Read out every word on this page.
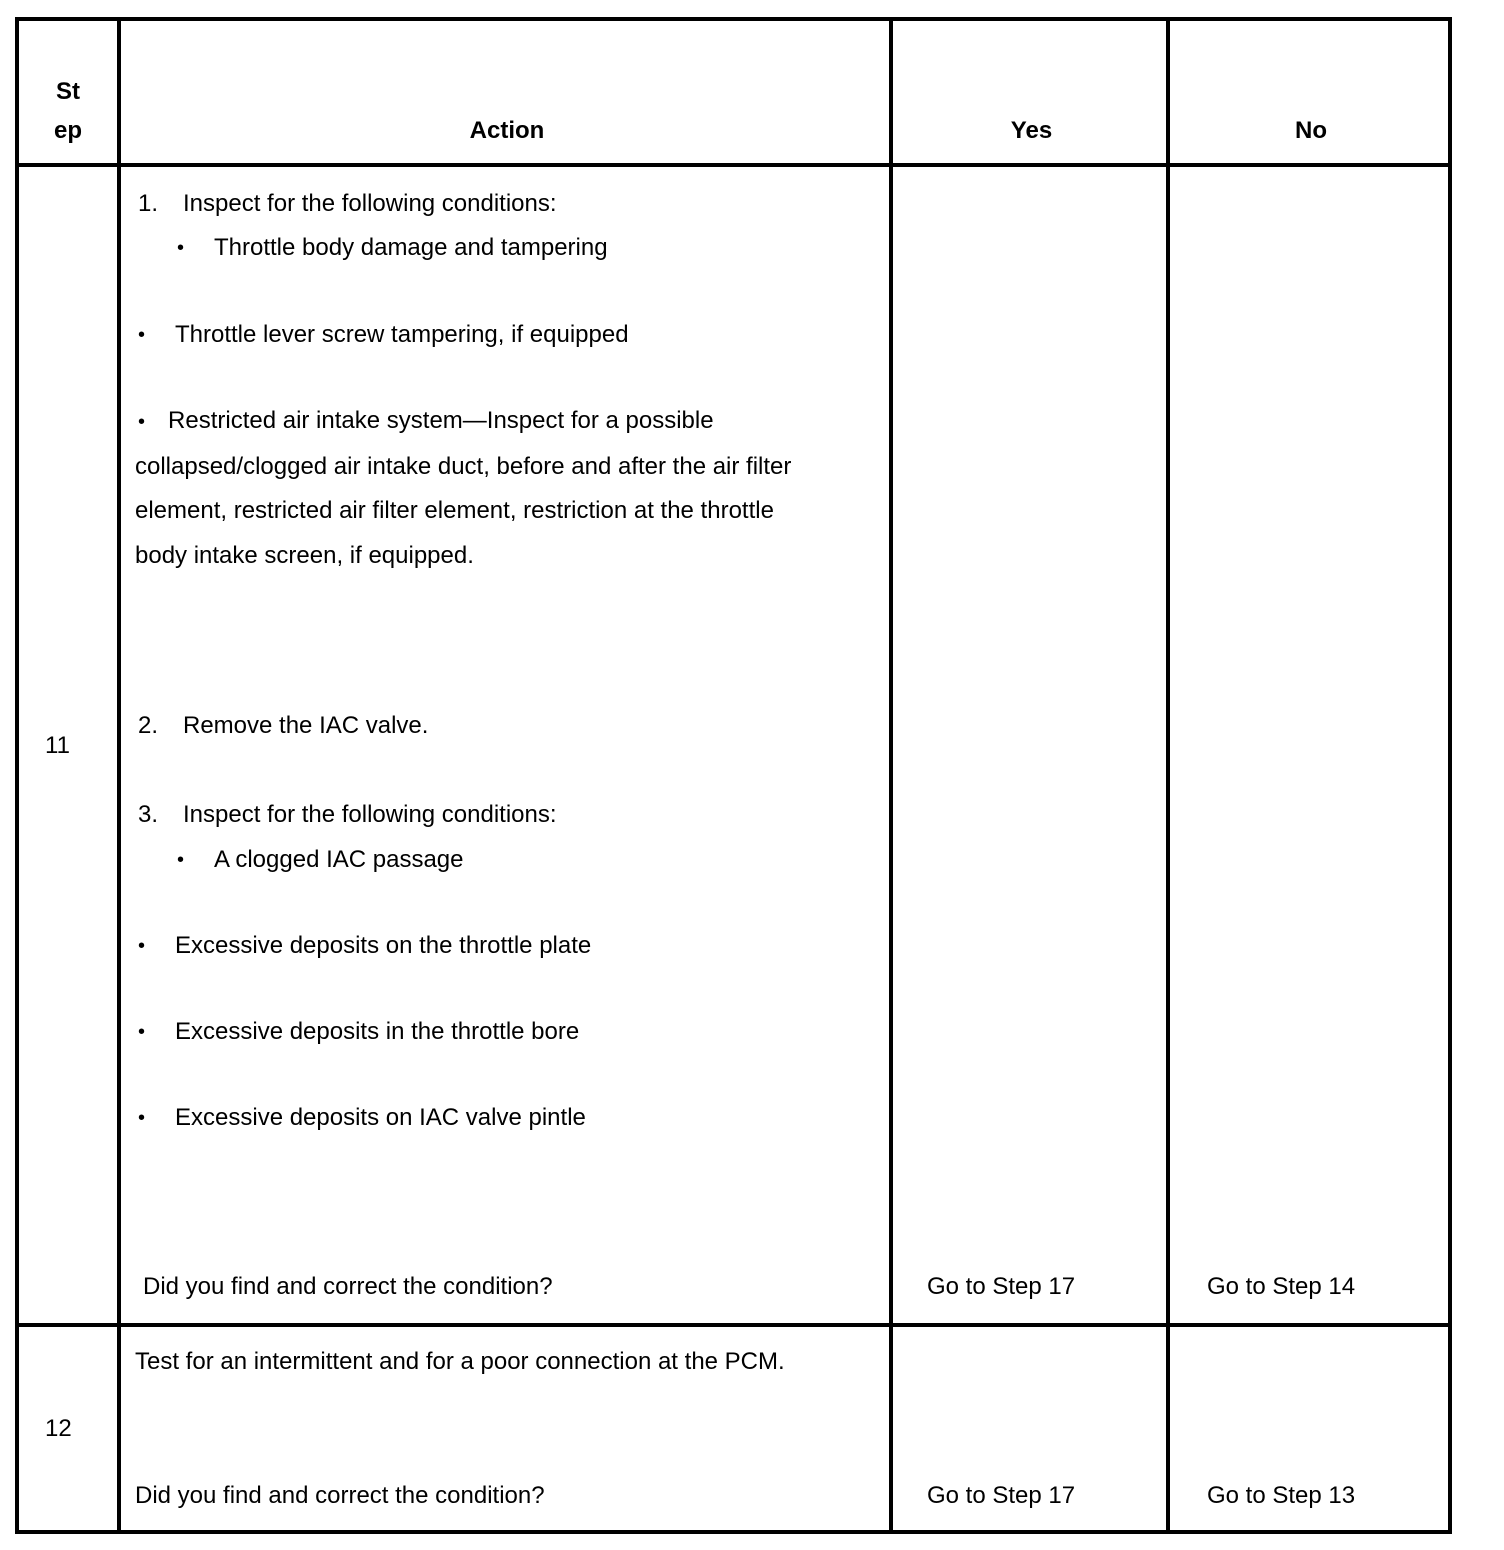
St
ep	Action	Yes	No
11
1. Inspect for the following conditions:
• Throttle body damage and tampering
• Throttle lever screw tampering, if equipped
• Restricted air intake system—Inspect for a possible collapsed/clogged air intake duct, before and after the air filter element, restricted air filter element, restriction at the throttle body intake screen, if equipped.
2. Remove the IAC valve.
3. Inspect for the following conditions:
• A clogged IAC passage
• Excessive deposits on the throttle plate
• Excessive deposits in the throttle bore
• Excessive deposits on IAC valve pintle
Did you find and correct the condition?	Go to Step 17	Go to Step 14
12
Test for an intermittent and for a poor connection at the PCM.
Did you find and correct the condition?	Go to Step 17	Go to Step 13
